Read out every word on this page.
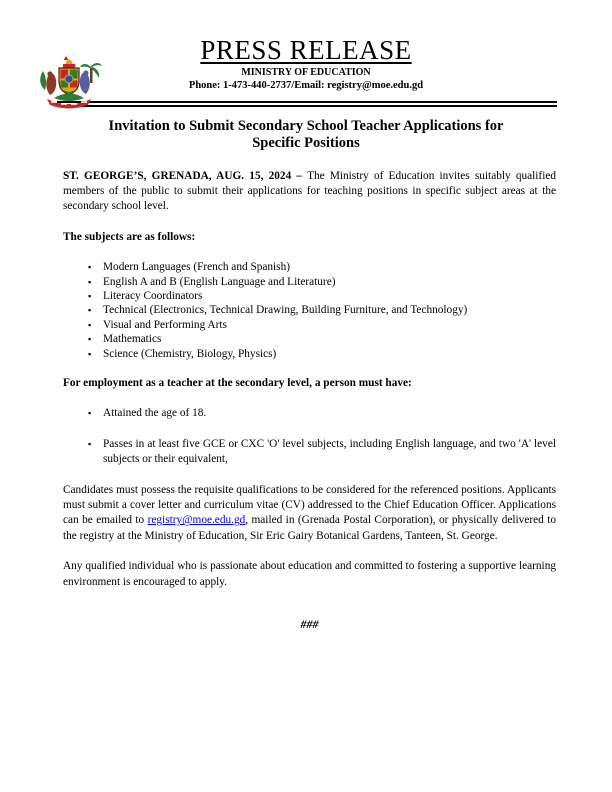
PRESS RELEASE
MINISTRY OF EDUCATION
Phone: 1-473-440-2737/Email: registry@moe.edu.gd
Invitation to Submit Secondary School Teacher Applications for
Specific Positions

ST. GEORGE’S, GRENADA, AUG. 15, 2024 – The Ministry of Education invites suitably qualified members of the public to submit their applications for teaching positions in specific subject areas at the secondary school level.

The subjects are as follows:

▪ Modern Languages (French and Spanish)
▪ English A and B (English Language and Literature)
▪ Literacy Coordinators
▪ Technical (Electronics, Technical Drawing, Building Furniture, and Technology)
▪ Visual and Performing Arts
▪ Mathematics
▪ Science (Chemistry, Biology, Physics)

For employment as a teacher at the secondary level, a person must have:

▪ Attained the age of 18.
▪ Passes in at least five GCE or CXC 'O' level subjects, including English language, and two 'A' level subjects or their equivalent,

Candidates must possess the requisite qualifications to be considered for the referenced positions. Applicants must submit a cover letter and curriculum vitae (CV) addressed to the Chief Education Officer. Applications can be emailed to registry@moe.edu.gd, mailed in (Grenada Postal Corporation), or physically delivered to the registry at the Ministry of Education, Sir Eric Gairy Botanical Gardens, Tanteen, St. George.

Any qualified individual who is passionate about education and committed to fostering a supportive learning environment is encouraged to apply.

###
